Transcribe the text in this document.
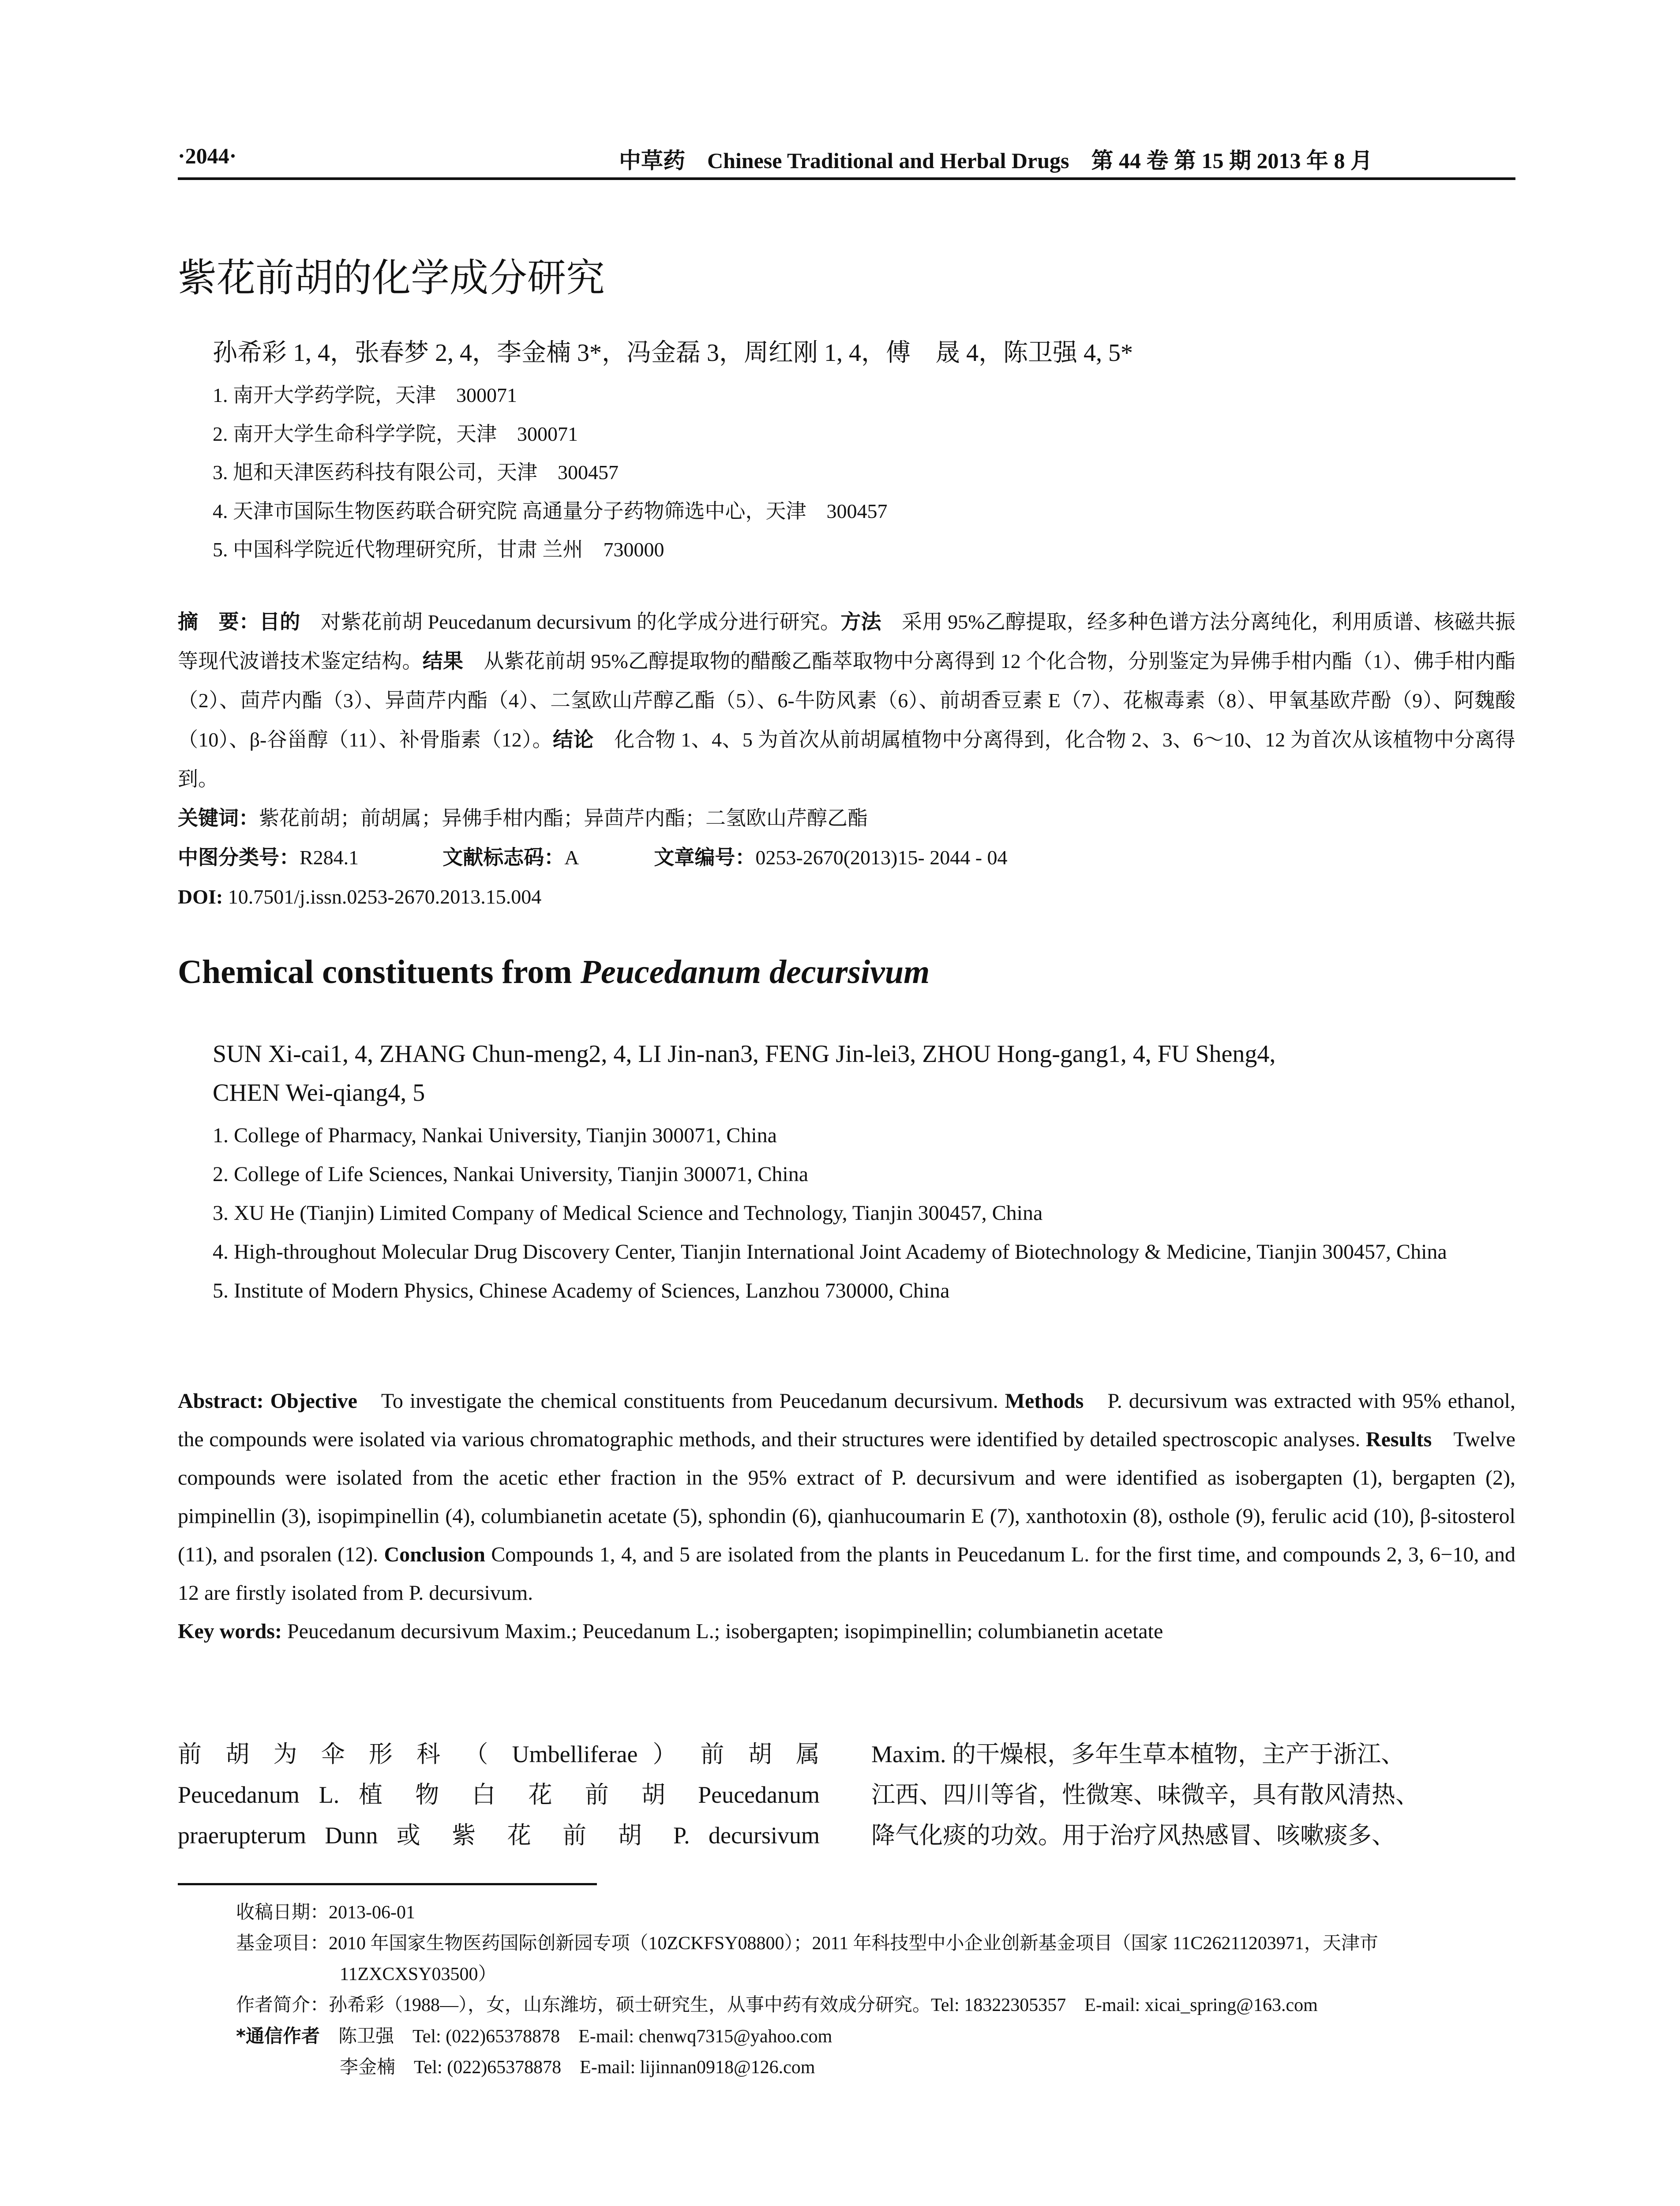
·2044·	中草药　Chinese Traditional and Herbal Drugs　第 44 卷 第 15 期 2013 年 8 月
紫花前胡的化学成分研究
孙希彩 1, 4，张春梦 2, 4，李金楠 3*，冯金磊 3，周红刚 1, 4，傅　晟 4，陈卫强 4, 5*
1. 南开大学药学院，天津　300071
2. 南开大学生命科学学院，天津　300071
3. 旭和天津医药科技有限公司，天津　300457
4. 天津市国际生物医药联合研究院 高通量分子药物筛选中心，天津　300457
5. 中国科学院近代物理研究所，甘肃 兰州　730000
摘　要：目的　对紫花前胡 Peucedanum decursivum 的化学成分进行研究。方法　采用 95%乙醇提取，经多种色谱方法分离纯化，利用质谱、核磁共振等现代波谱技术鉴定结构。结果　从紫花前胡 95%乙醇提取物的醋酸乙酯萃取物中分离得到 12 个化合物，分别鉴定为异佛手柑内酯（1）、佛手柑内酯（2）、茴芹内酯（3）、异茴芹内酯（4）、二氢欧山芹醇乙酯（5）、6-牛防风素（6）、前胡香豆素 E（7）、花椒毒素（8）、甲氧基欧芹酚（9）、阿魏酸（10）、β-谷甾醇（11）、补骨脂素（12）。结论　化合物 1、4、5 为首次从前胡属植物中分离得到，化合物 2、3、6～10、12 为首次从该植物中分离得到。
关键词：紫花前胡；前胡属；异佛手柑内酯；异茴芹内酯；二氢欧山芹醇乙酯
中图分类号：R284.1	文献标志码：A	文章编号：0253-2670(2013)15- 2044 - 04
DOI: 10.7501/j.issn.0253-2670.2013.15.004
Chemical constituents from Peucedanum decursivum
SUN Xi-cai1, 4, ZHANG Chun-meng2, 4, LI Jin-nan3, FENG Jin-lei3, ZHOU Hong-gang1, 4, FU Sheng4,
CHEN Wei-qiang4, 5
1. College of Pharmacy, Nankai University, Tianjin 300071, China
2. College of Life Sciences, Nankai University, Tianjin 300071, China
3. XU He (Tianjin) Limited Company of Medical Science and Technology, Tianjin 300457, China
4. High-throughout Molecular Drug Discovery Center, Tianjin International Joint Academy of Biotechnology & Medicine, Tianjin 300457, China
5. Institute of Modern Physics, Chinese Academy of Sciences, Lanzhou 730000, China
Abstract: Objective　To investigate the chemical constituents from Peucedanum decursivum. Methods　P. decursivum was extracted with 95% ethanol, the compounds were isolated via various chromatographic methods, and their structures were identified by detailed spectroscopic analyses. Results　Twelve compounds were isolated from the acetic ether fraction in the 95% extract of P. decursivum and were identified as isobergapten (1), bergapten (2), pimpinellin (3), isopimpinellin (4), columbianetin acetate (5), sphondin (6), qianhucoumarin E (7), xanthotoxin (8), osthole (9), ferulic acid (10), β-sitosterol (11), and psoralen (12). Conclusion Compounds 1, 4, and 5 are isolated from the plants in Peucedanum L. for the first time, and compounds 2, 3, 6−10, and 12 are firstly isolated from P. decursivum.
Key words: Peucedanum decursivum Maxim.; Peucedanum L.; isobergapten; isopimpinellin; columbianetin acetate
前 胡 为 伞 形 科 （ Umbelliferae ） 前 胡 属
Peucedanum L. 植 物 白 花 前 胡 Peucedanum
praerupterum Dunn 或 紫 花 前 胡 P. decursivum
Maxim. 的干燥根，多年生草本植物，主产于浙江、
江西、四川等省，性微寒、味微辛，具有散风清热、
降气化痰的功效。用于治疗风热感冒、咳嗽痰多、
收稿日期：2013-06-01
基金项目：2010 年国家生物医药国际创新园专项（10ZCKFSY08800）；2011 年科技型中小企业创新基金项目（国家 11C26211203971，天津市
11ZXCXSY03500）
作者简介：孙希彩（1988—），女，山东潍坊，硕士研究生，从事中药有效成分研究。Tel: 18322305357　E-mail: xicai_spring@163.com
*通信作者　陈卫强　Tel: (022)65378878　E-mail: chenwq7315@yahoo.com
李金楠　Tel: (022)65378878　E-mail: lijinnan0918@126.com
